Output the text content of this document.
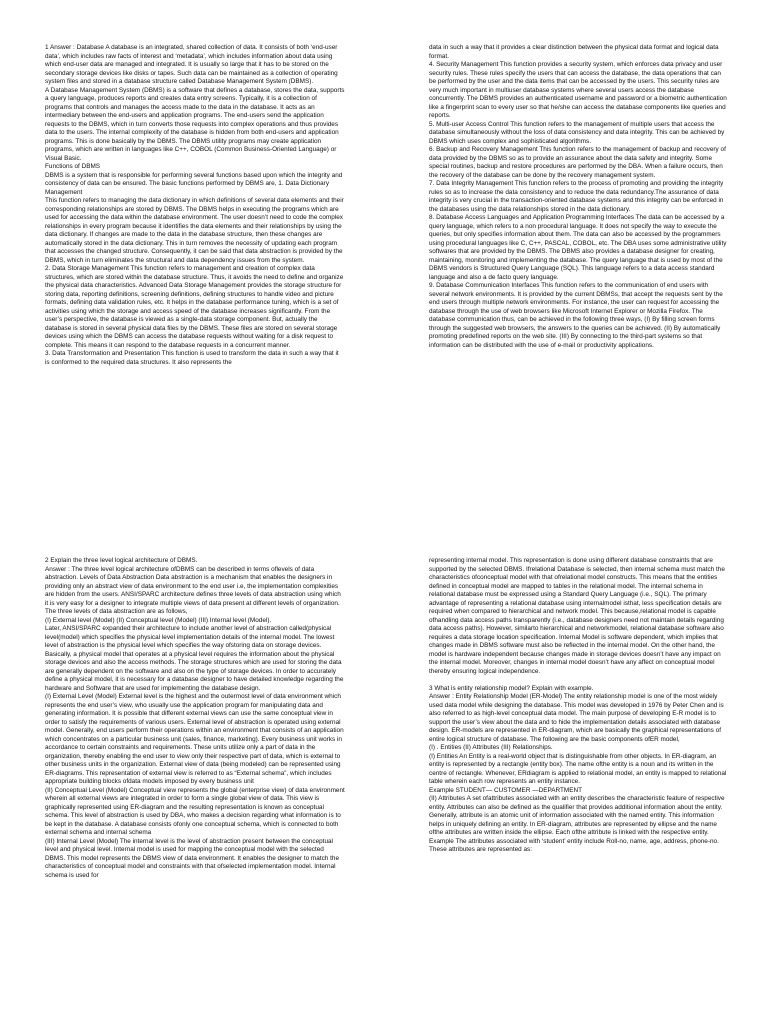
1 Answer : Database A database is an integrated, shared collection of data. It consists of both ‘end-user data’, which includes raw facts of interest and ‘metadata’, which includes information about data using which end-user data are managed and integrated. It is usually so large that it has to be stored on the secondary storage devices like disks or tapes. Such data can be maintained as a collection of operating system files and stored in a database structure called Database Management System (DBMS).

A Database Management System (DBMS) is a software that defines a database, stores the data, supports a query language, produces reports and creates data entry screens. Typically, it is a collection of programs that controls and manages the access made to the data in the database. It acts as an intermediary between the end-users and application programs. The end-users send the application requests to the DBMS, which in turn converts those requests into complex operations and thus provides data to the users. The internal complexity of the database is hidden from both end-users and application programs. This is done basically by the DBMS. The DBMS utility programs may create application programs, which are written in languages like C++, COBOL (Common Business-Oriented Language) or Visual Basic.

Functions of DBMS

DBMS is a system that is responsible for performing several functions based upon which the integrity and consistency of data can be ensured. The basic functions performed by DBMS are, 1. Data Dictionary Management

This function refers to managing the data dictionary in which definitions of several data elements and their corresponding relationships are stored by DBMS. The DBMS helps in executing the programs which are used for accessing the data within the database environment. The user doesn’t need to code the complex relationships in every program because it identifies the data elements and their relationships by using the data dictionary. If changes are made to the data in the database structure, then these changes are automatically stored in the data dictionary. This in turn removes the necessity of updating each program that accesses the changed structure. Consequently, it can be said that data abstraction is provided by the DBMS, which in turn eliminates the structural and data dependency issues from the system.

2. Data Storage Management This function refers to management and creation of complex data structures, which are stored within the database structure. Thus, it avoids the need to define and organize the physical data characteristics. Advanced Data Storage Management provides the storage structure for storing data, reporting definitions, screening definitions, defining structures to handle video and picture formats, defining data validation rules, etc. It helps in the database performance tuning, which is a set of activities using which the storage and access speed of the database increases significantly. From the user’s perspective, the database is viewed as a single-data storage component. But, actually the database is stored in several physical data files by the DBMS. These files are stored on several storage devices using which the DBMS can access the database requests without waiting for a disk request to complete. This means it can respond to the database requests in a concurrent manner.

3. Data Transformation and Presentation This function is used to transform the data in such a way that it is conformed to the required data structures. It also represents the

data in such a way that it provides a clear distinction between the physical data format and logical data format.

4. Security Management This function provides a security system, which enforces data privacy and user security rules. These rules specify the users that can access the database, the data operations that can be performed by the user and the data items that can be accessed by the users. This security rules are very much important in multiuser database systems where several users access the database concurrently. The DBMS provides an authenticated username and password or a biometric authentication like a fingerprint scan to every user so that he/she can access the database components like queries and reports.

5. Multi-user Access Control This function refers to the management of multiple users that access the database simultaneously without the loss of data consistency and data integrity. This can be achieved by DBMS which uses complex and sophisticated algorithms.

6. Backup and Recovery Management This function refers to the management of backup and recovery of data provided by the DBMS so as to provide an assurance about the data safety and integrity. Some special routines, backup and restore procedures are performed by the DBA. When a failure occurs, then the recovery of the database can be done by the recovery management system.

7. Data Integrity Management This function refers to the process of promoting and providing the integrity rules so as to increase the data consistency and to reduce the data redundancy.The assurance of data integrity is very crucial in the transaction-oriented database systems and this integrity can be enforced in the databases using the data relationships stored in the data dictionary.

8. Database Access Languages and Application Programming Interfaces The data can be accessed by a query language, which refers to a non procedural language. It does not specify the way to execute the queries, but only specifies information about them. The data can also be accessed by the programmers using procedural languages like C, C++, PASCAL, COBOL, etc. The DBA uses some administrative utility softwares that are provided by the DBMS. The DBMS also provides a database designer for creating, maintaining, monitoring and implementing the database. The query language that is used by most of the DBMS vendors is Structured Query Language (SQL). This language refers to a data access standard language and also a de facto query language.

9. Database Communication Interfaces This function refers to the communication of end users with several network environments. It is provided by the current DBMSs, that accept the requests sent by the end users through multiple network environments. For instance, the user can request for accessing the database through the use of web browsers like Microsoft Internet Explorer or Mozilla Firefox. The database communication thus, can be achieved in the following three ways, (I) By filling screen forms through the suggested web browsers, the answers to the queries can be achieved. (II) By automatically promoting predefined reports on the web site. (III) By connecting to the third-part systems so that information can be distributed with the use of e-mail or productivity applications.

2 Explain the three level logical architecture of DBMS.

Answer : The three level logical architecture ofDBMS can be described in terms oflevels of data abstraction. Levels of Data Abstraction Data abstraction is a mechanism that enables the designers in providing only an abstract view of data environment to the end user i.e, the implementation complexities are hidden from the users. ANSI/SPARC architecture defines three levels of data abstraction using which it is very easy for a designer to integrate multiple views of data present at different levels of organization. The three levels of data abstraction are as follows,

(I) External level (Model) (II) Conceptual level (Model) (III) Internal level (Model).

Later, ANSI/SPARC expanded their architecture to include another level of abstraction called(physical level(model) which specifies the physical level implementation details of the internal model. The lowest level of abstraction is the physical level which specifies the way ofstoring data on storage devices. Basically, a physical model that operates at a physical level requires the information about the physical storage devices and also the access methods. The storage structures which are used for storing the data are generally dependent on the software and also on the type of storage devices. In order to accurately define a physical model, it is necessary for a database designer to have detailed knowledge regarding the hardware and Software that are used for implementing the database design.

(I) External Level (Model) External level is the highest and the outermost level of data environment which represents the end user’s view, who usually use the application program for manipulating data and generating information. It is possible that different external views can use the same conceptual view in order to satisfy the requirements of various users. External level of abstraction is operated using external model. Generally, end users perform their operations within an environment that consists of an application which concentrates on a particular business unit (sales, finance, marketing). Every business unit works in accordance to certain constraints and requirements. These units utilize only a part of data in the organization, thereby enabling the end user to view only their respective part of data, which is external to other business units in the organization. External view of data (being modeled) can be represented using ER-diagrams. This representation of external view is referred to as “External schema”, which includes appropriate building blocks ofdata models imposed by every business unit

(II) Conceptual Level (Model) Conceptual view represents the global (enterprise view) of data environment wherein all external views are integrated in order to form a single global view of data. This view is graphically represented using ER-diagram and the resulting representation is known as conceptual schema. This level of abstraction is used by DBA, who makes a decision regarding what information is to be kept in the database. A database consists ofonly one conceptual schema, which is connected to both external schema and internal schema

(III) Internal Level (Model) The internal level is the level of abstraction present between the conceptual level and physical level. Internal model is used for mapping the conceptual model with the selected DBMS. This model represents the DBMS view of data environment. It enables the designer to match the characteristics of conceptual model and constraints with that ofselected implementation model. Internal schema is used for

representing internal model. This representation is done using different database constraints that are supported by the selected DBMS. Ifrelational Database is selected, then internal schema must match the characteristics ofconceptual model with that ofrelational model constructs. This means that the entities defined in conceptual model are mapped to tables in the relational model. The internal schema in relational database must be expressed using a Standard Query Language (i.e., SQL). The primary advantage of representing a relational database using internalmodel isthat, less specification details are required when compared to hierarchical and network model. This because,relational model is capable ofhandling data access paths transparently (i.e., database designers need not maintain details regarding data access paths). However, similarto hierarchical and networkmodel, relational database software also requires a data storage location specification. Internal Model is software dependent, which implies that changes made in DBMS software must also be reflected in the internal model. On the other hand, the model is hardware independent because changes made in storage devices doesn’t have any impact on the internal model. Moreover, changes in internal model doesn’t have any affect on conceptual model thereby ensuring logical independence.

3 What is entity relationship model? Explain with example.

Answer : Entity Relationship Model (ER-Model) The entity relationship model is one of the most widely used data model while designing the database. This model was developed in 1976 by Peter Chen and is also referred to as high-level conceptual data model. The main purpose of developing E-R model is to support the user’s view about the data and to hide the implementation details associated with database design. ER-models are represented in ER-diagram, which are basically the graphical representations of entire logical structure of database. The following are the basic components ofER model,

(I) . Entities (II) Attributes (III) Relationships.

(I) Entities An Entity is a real-world object that is distinguishable from other objects. In ER-diagram, an entity is represented by a rectangle (entity box). The name ofthe entity is a noun and its written in the centre of rectangle. Whenever, ERdiagram is applied to relational model, an entity is mapped to relational table wherein each row represents an entity instance.

Example STUDENT— CUSTOMER —DEPARTMENT

(II) Attributes A set ofattributes associated with an entity describes the characteristic feature of respective entity. Attributes can also be defined as the qualifier that provides additional information about the entity. Generally, attribute is an atomic unit of information associated with the named entity. This information helps in uniquely defining an entity. In ER-diagram, attributes are represented by ellipse and the name ofthe attributes are written inside the ellipse. Each ofthe attribute is linked with the respective entity.

Example The attributes associated with ‘student’ entity include Roll-no, name, age, address, phone-no. These attributes are represented as:
